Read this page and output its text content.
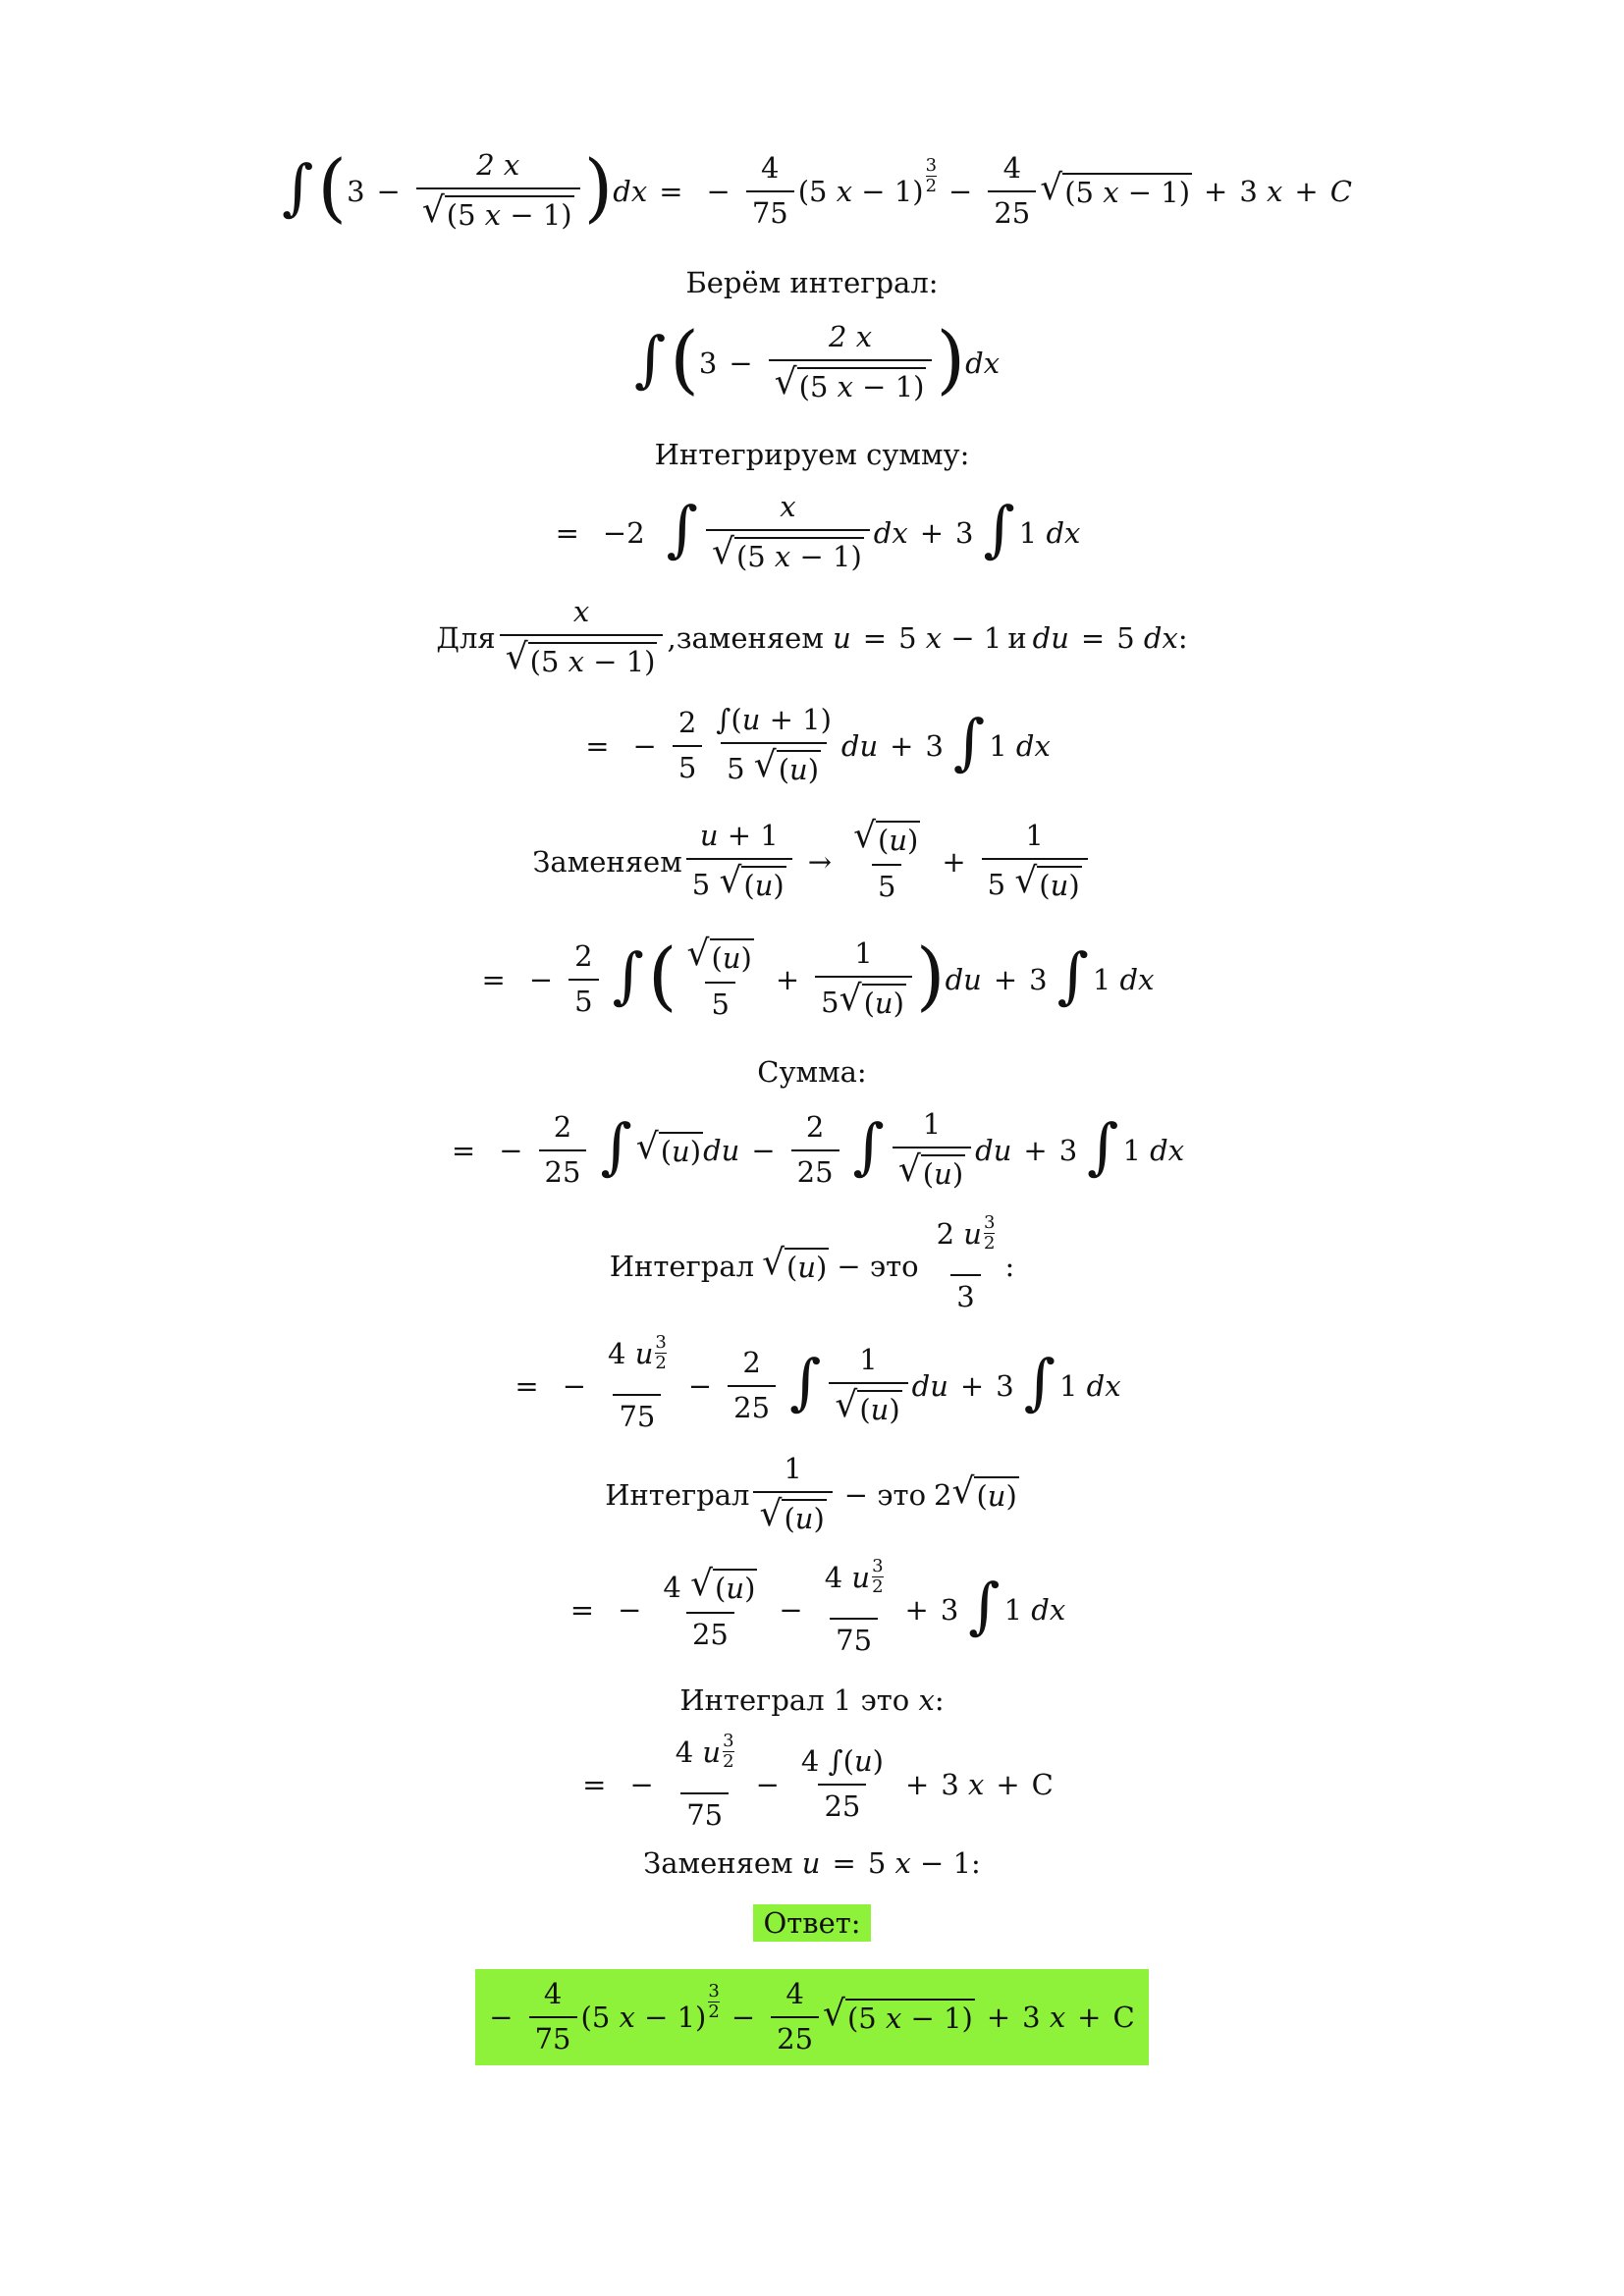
∫ ( $3 - \frac{2 x}{√ (5 x - 1)}$ ) dx = − $\frac{4}{75} (5$ x − 1)
3
$2 - \frac{4}{25}$ √ (5 x − 1) + 3 x + C
Берём интеграл:
∫ ( $3 - \frac{2 x}{√ (5 x - 1)}$ ) dx
Интегрируем сумму:
= −2 ∫ $\frac{x}{√ (5 x - 1)}$ dx + 3 ∫ 1 dx
Для $\frac{x}{√ (5 x - 1)}$ ,заменяем u = 5 x − 1 и du = 5 dx:
= − $\frac{2}{5} \frac{\int(u + 1)}{5 √ (u)}$ du + 3 ∫ 1 dx
Заменяем $\frac{u + 1}{5 √ (u)} \to \frac{√ (u)}{5} + \frac{1}{5 √ (u)}$
= − $\frac{2}{5}$ ∫ ( $\frac{√ (u)}{5} + \frac{1}{5 √ (u)}$ ) du + 3 ∫ 1 dx
Сумма:
= − $\frac{2}{25}$ ∫ √ (u) du − $\frac{2}{25}$ ∫ $\frac{1}{√ (u)}$ du + 3 ∫ 1 dx
Интеграл √ (u) − это $\frac{2 u \frac{3}{2}}{3}$ :
= − $\frac{4 u \frac{3}{2}}{75} - \frac{2}{25}$ ∫ $\frac{1}{√ (u)}$ du + 3 ∫ 1 dx
Интеграл $\frac{1}{√ (u)}$ − это 2 √ (u)
= − $\frac{4 √ (u)}{25} - \frac{4 u \frac{3}{2}}{75} + 3$ ∫ 1 dx
Интеграл 1 это x :
= − $\frac{4 u \frac{3}{2}}{75} - \frac{4 \int(u)}{25} + 3$ x + C
Заменяем u = 5 x − 1:
Ответ:
− $\frac{4}{75} (5$ x − 1)
3
$2 - \frac{4}{25}$ √ (5 x − 1) + 3 x + C
